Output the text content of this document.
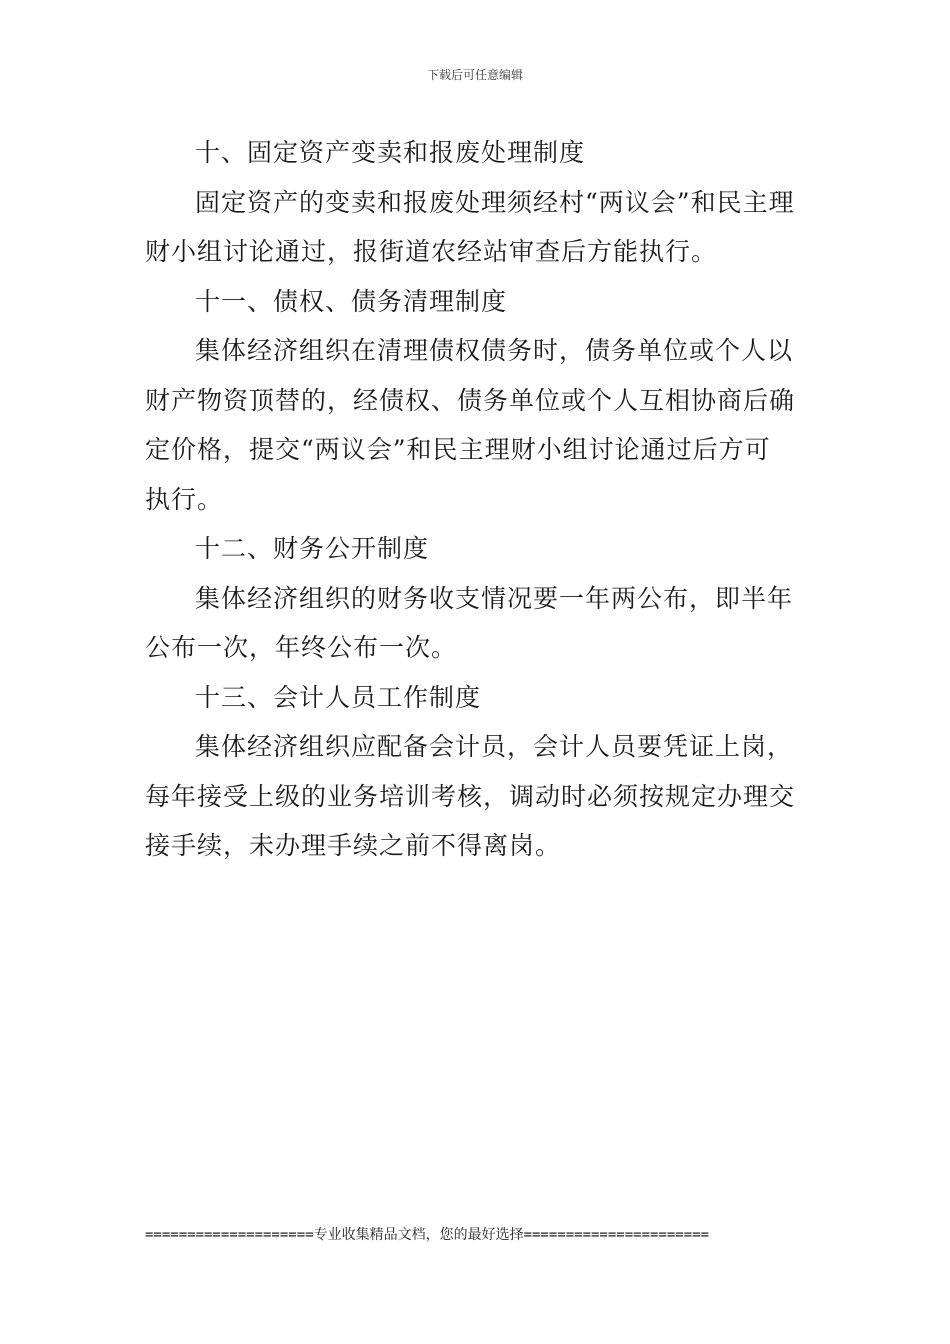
下载后可任意编辑

十、固定资产变卖和报废处理制度

固定资产的变卖和报废处理须经村“两议会”和民主理财小组讨论通过，报街道农经站审查后方能执行。

十一、债权、债务清理制度

集体经济组织在清理债权债务时，债务单位或个人以财产物资顶替的，经债权、债务单位或个人互相协商后确定价格，提交“两议会”和民主理财小组讨论通过后方可执行。

十二、财务公开制度

集体经济组织的财务收支情况要一年两公布，即半年公布一次，年终公布一次。

十三、会计人员工作制度

集体经济组织应配备会计员，会计人员要凭证上岗，每年接受上级的业务培训考核，调动时必须按规定办理交接手续，未办理手续之前不得离岗。

====================专业收集精品文档，您的最好选择======================
